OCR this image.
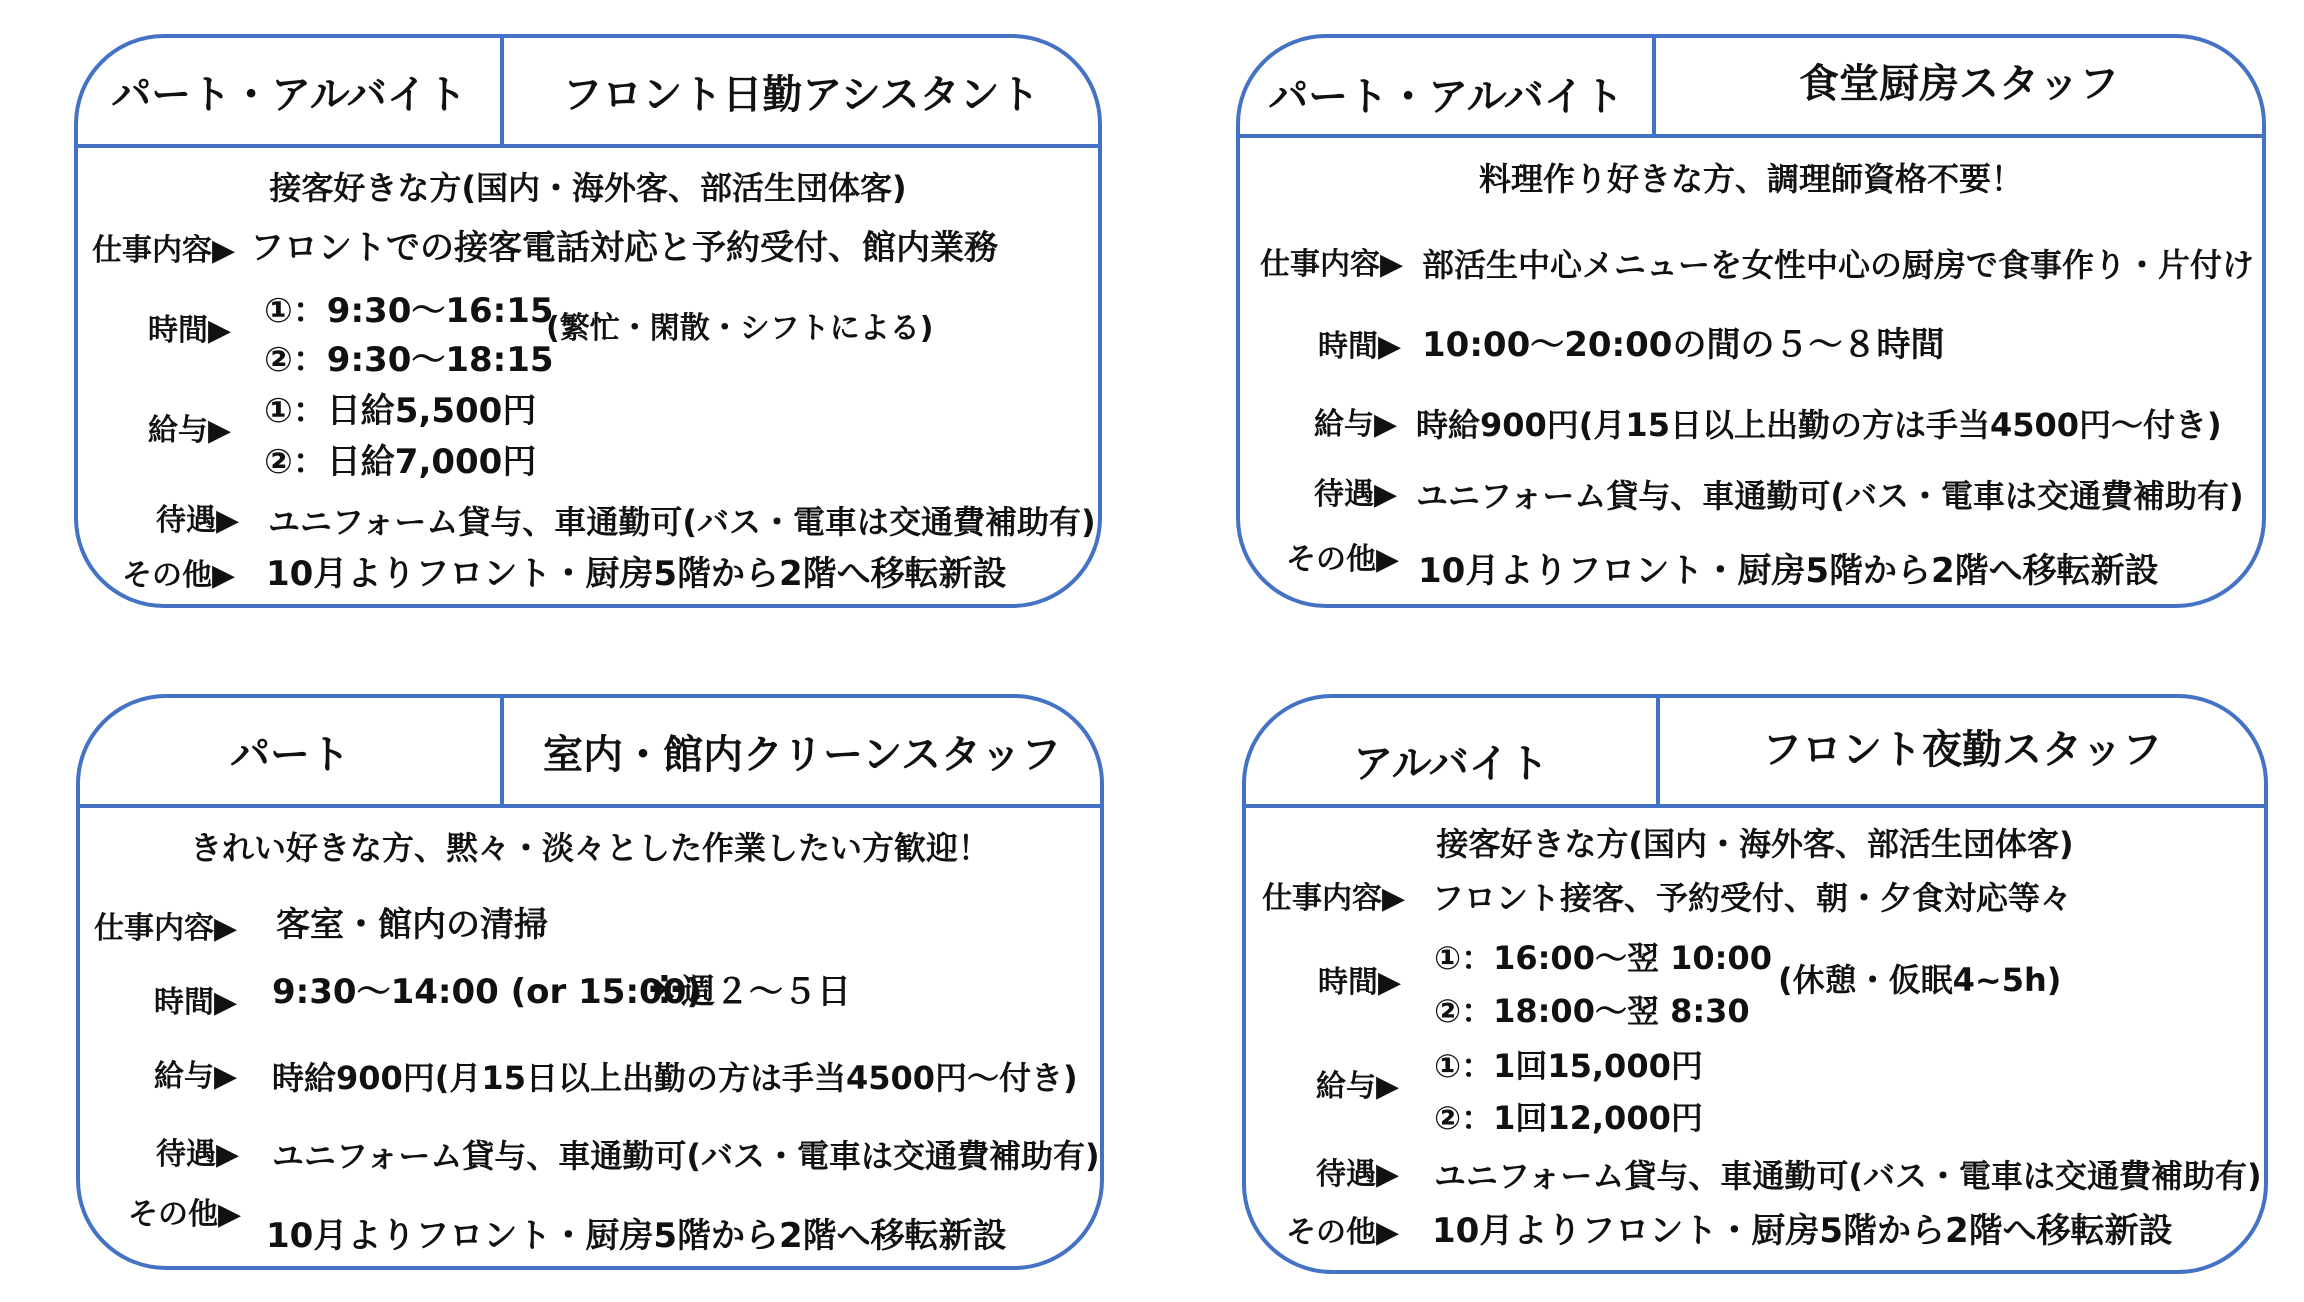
パート・アルバイト	フロント日勤アシスタント
接客好きな方(国内・海外客、部活生団体客)
仕事内容▶ フロントでの接客電話対応と予約受付、館内業務
時間▶ ①：9:30〜16:15
②：9:30〜18:15
(繁忙・閑散・シフトによる)
給与▶ ①：日給5,500円
②：日給7,000円
待遇▶ ユニフォーム貸与、車通勤可(バス・電車は交通費補助有)
その他▶ 10月よりフロント・厨房5階から2階へ移転新設
パート・アルバイト	食堂厨房スタッフ
料理作り好きな方、調理師資格不要！
仕事内容▶ 部活生中心メニューを女性中心の厨房で食事作り・片付け
時間▶ 10:00〜20:00の間の５〜８時間
給与▶ 時給900円(月15日以上出勤の方は手当4500円〜付き)
待遇▶ ユニフォーム貸与、車通勤可(バス・電車は交通費補助有)
その他▶ 10月よりフロント・厨房5階から2階へ移転新設
パート	室内・館内クリーンスタッフ
きれい好きな方、黙々・淡々とした作業したい方歓迎！
仕事内容▶ 客室・館内の清掃
時間▶ 9:30〜14:00 (or 15:00)
※週２〜５日
給与▶ 時給900円(月15日以上出勤の方は手当4500円〜付き)
待遇▶ ユニフォーム貸与、車通勤可(バス・電車は交通費補助有)
その他▶
10月よりフロント・厨房5階から2階へ移転新設
アルバイト	フロント夜勤スタッフ
接客好きな方(国内・海外客、部活生団体客)
仕事内容▶ フロント接客、予約受付、朝・夕食対応等々
時間▶
①：16:00〜翌 10:00
②：18:00〜翌 8:30
(休憩・仮眠4~5h)
給与▶
①：1回15,000円
②：1回12,000円
待遇▶ ユニフォーム貸与、車通勤可(バス・電車は交通費補助有)
その他▶ 10月よりフロント・厨房5階から2階へ移転新設
